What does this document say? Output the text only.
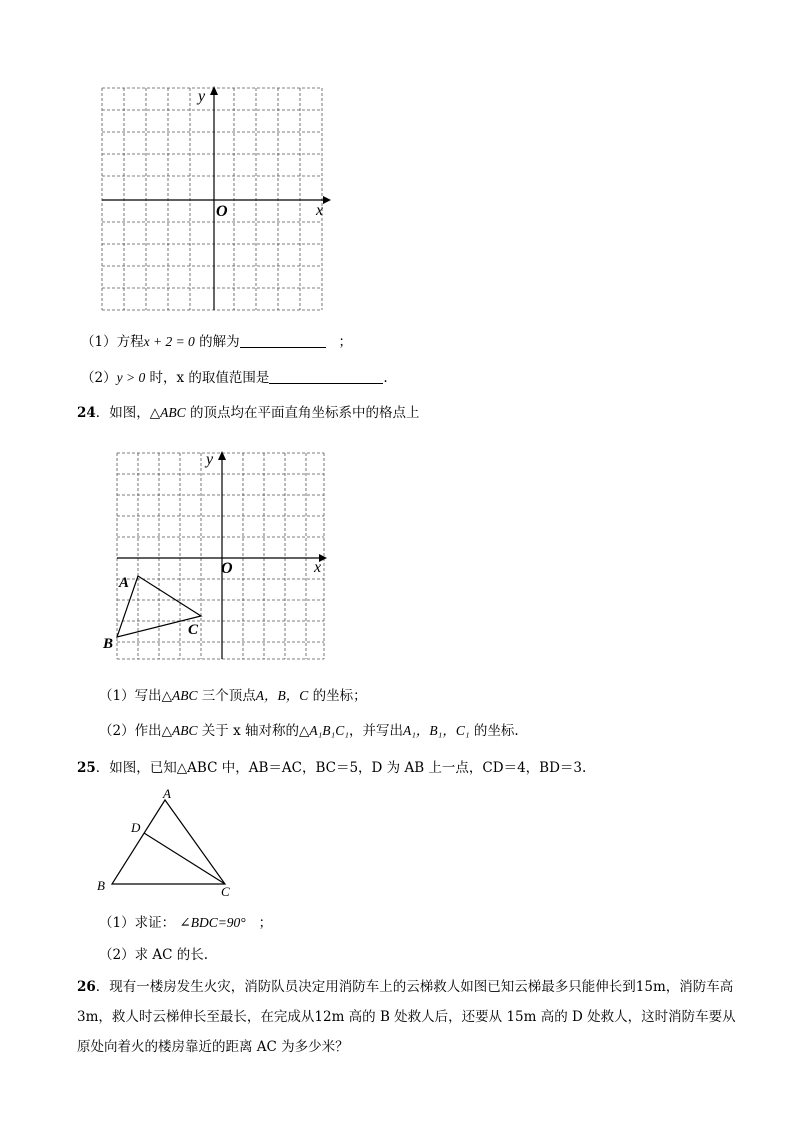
y
x
O
（1）方程x + 2 = 0 的解为	；
（2）y > 0 时，x 的取值范围是	.
24．如图，△ABC 的顶点均在平面直角坐标系中的格点上
y
x
O
A
B
C
（1）写出△ABC 三个顶点A，B，C 的坐标；
（2）作出△ABC 关于 x 轴对称的△A₁B₁C₁，并写出A₁，B₁，C₁ 的坐标.
25．如图，已知△ABC 中，AB＝AC，BC＝5，D 为 AB 上一点，CD＝4，BD＝3.
A
D
B	C
（1）求证： ∠BDC=90° ；
（2）求 AC 的长.
26．现有一楼房发生火灾，消防队员决定用消防车上的云梯救人如图已知云梯最多只能伸长到15m，消防车高3m，救人时云梯伸长至最长，在完成从12m 高的 B 处救人后，还要从 15m 高的 D 处救人，这时消防车要从原处向着火的楼房靠近的距离 AC 为多少米？
